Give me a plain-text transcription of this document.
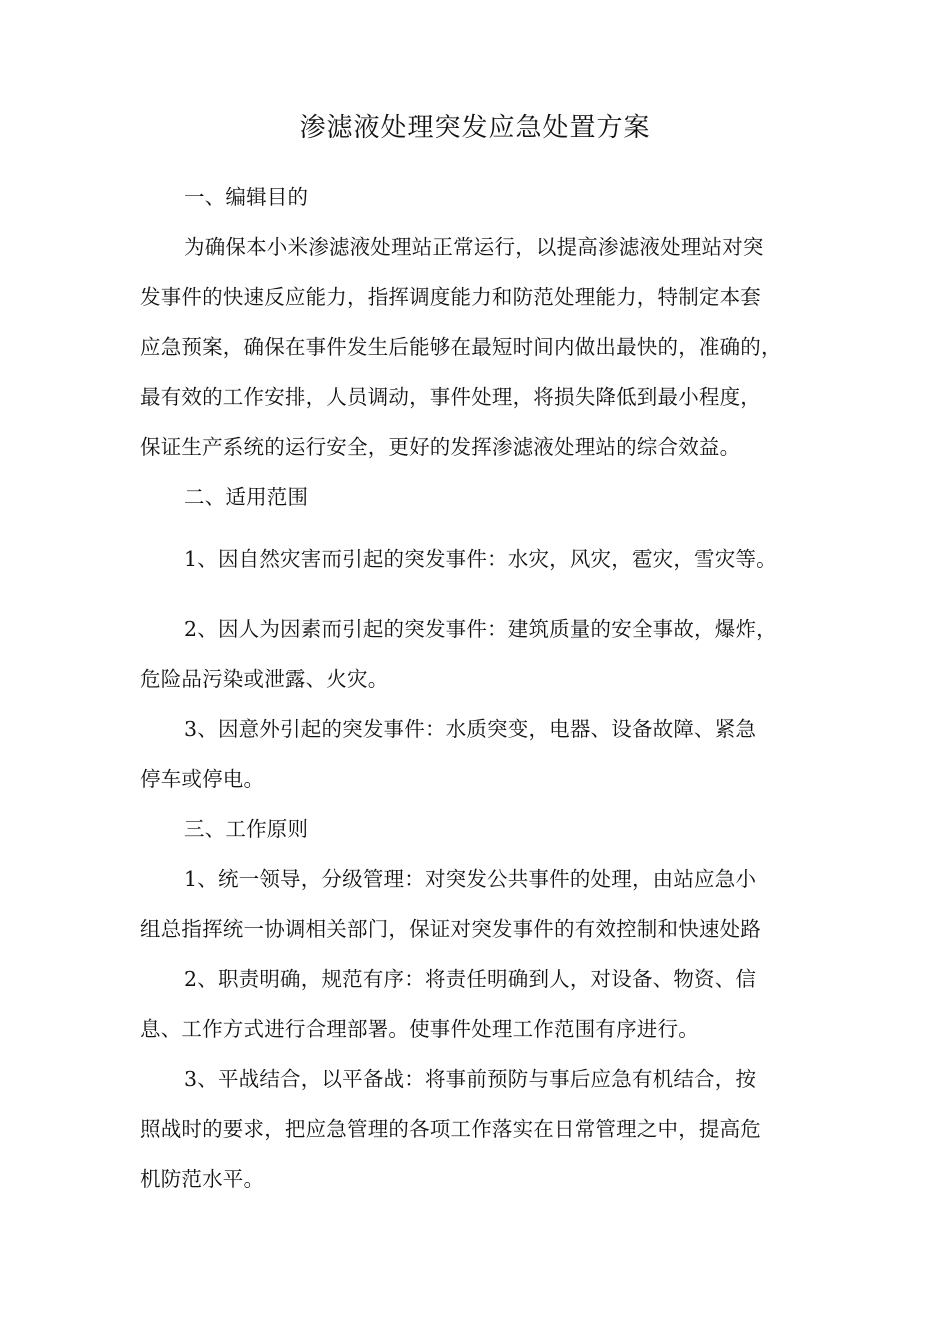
渗滤液处理突发应急处置方案

一、编辑目的

为确保本小米渗滤液处理站正常运行，以提高渗滤液处理站对突

发事件的快速反应能力，指挥调度能力和防范处理能力，特制定本套

应急预案，确保在事件发生后能够在最短时间内做出最快的，准确的，

最有效的工作安排，人员调动，事件处理，将损失降低到最小程度，

保证生产系统的运行安全，更好的发挥渗滤液处理站的综合效益。

二、适用范围

1、因自然灾害而引起的突发事件：水灾，风灾，雹灾，雪灾等。

2、因人为因素而引起的突发事件：建筑质量的安全事故，爆炸，

危险品污染或泄露、火灾。

3、因意外引起的突发事件：水质突变，电器、设备故障、紧急

停车或停电。

三、工作原则

1、统一领导，分级管理：对突发公共事件的处理，由站应急小

组总指挥统一协调相关部门，保证对突发事件的有效控制和快速处路

2、职责明确，规范有序：将责任明确到人，对设备、物资、信

息、工作方式进行合理部署。使事件处理工作范围有序进行。

3、平战结合，以平备战：将事前预防与事后应急有机结合，按

照战时的要求，把应急管理的各项工作落实在日常管理之中，提高危

机防范水平。
